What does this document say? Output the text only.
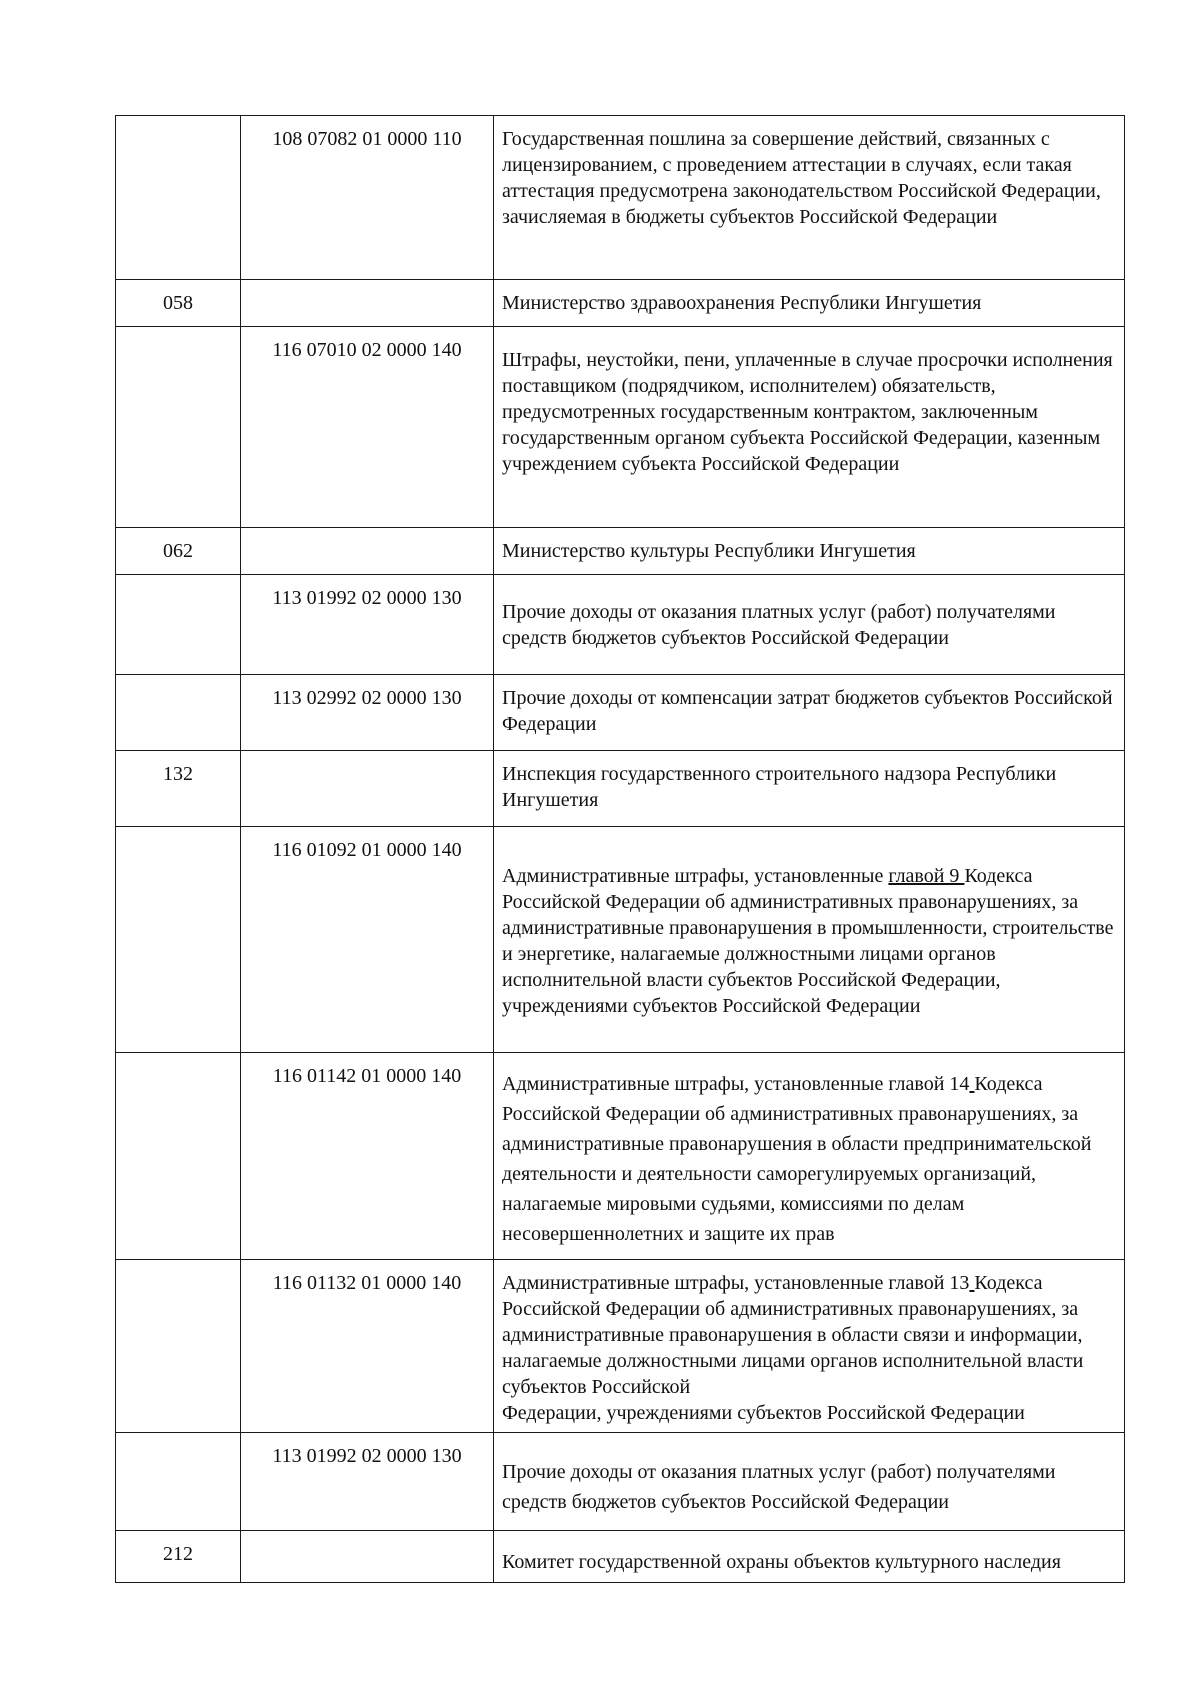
	108 07082 01 0000 110	Государственная пошлина за совершение действий, связанных с лицензированием, с проведением аттестации в случаях, если такая аттестация предусмотрена законодательством Российской Федерации, зачисляемая в бюджеты субъектов Российской Федерации

058		Министерство здравоохранения Республики Ингушетия

	116 07010 02 0000 140	Штрафы, неустойки, пени, уплаченные в случае просрочки исполнения поставщиком (подрядчиком, исполнителем) обязательств, предусмотренных государственным контрактом, заключенным государственным органом субъекта Российской Федерации, казенным учреждением субъекта Российской Федерации

062		Министерство культуры Республики Ингушетия

	113 01992 02 0000 130	Прочие доходы от оказания платных услуг (работ) получателями средств бюджетов субъектов Российской Федерации

	113 02992 02 0000 130	Прочие доходы от компенсации затрат бюджетов субъектов Российской Федерации

132		Инспекция государственного строительного надзора Республики Ингушетия

	116 01092 01 0000 140	Административные штрафы, установленные главой 9 Кодекса Российской Федерации об административных правонарушениях, за административные правонарушения в промышленности, строительстве и энергетике, налагаемые должностными лицами органов исполнительной власти субъектов Российской Федерации, учреждениями субъектов Российской Федерации

	116 01142 01 0000 140	Административные штрафы, установленные главой 14 Кодекса Российской Федерации об административных правонарушениях, за административные правонарушения в области предпринимательской деятельности и деятельности саморегулируемых организаций, налагаемые мировыми судьями, комиссиями по делам несовершеннолетних и защите их прав

	116 01132 01 0000 140	Административные штрафы, установленные главой 13 Кодекса Российской Федерации об административных правонарушениях, за административные правонарушения в области связи и информации, налагаемые должностными лицами органов исполнительной власти субъектов Российской
Федерации, учреждениями субъектов Российской Федерации

	113 01992 02 0000 130	Прочие доходы от оказания платных услуг (работ) получателями средств бюджетов субъектов Российской Федерации

212		Комитет государственной охраны объектов культурного наследия
